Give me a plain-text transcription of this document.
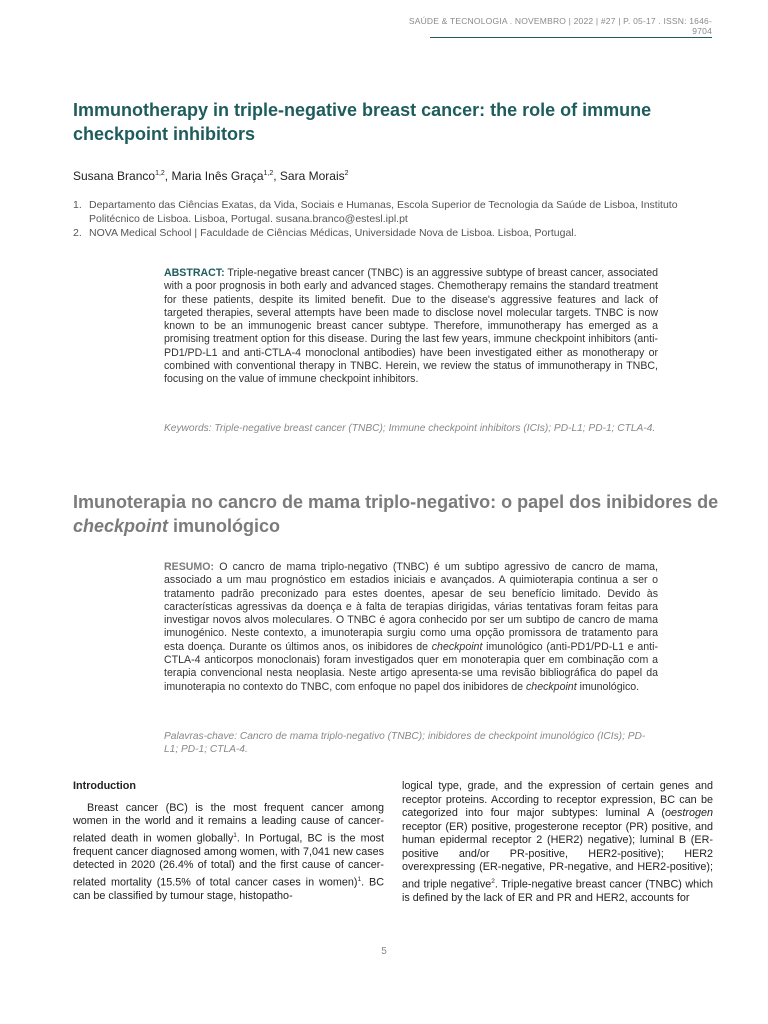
SAÚDE & TECNOLOGIA . NOVEMBRO | 2022 | #27 | P. 05-17 . ISSN: 1646-9704
Immunotherapy in triple-negative breast cancer: the role of immune checkpoint inhibitors
Susana Branco$^{1,2}$, Maria Inês Graça$^{1,2}$, Sara Morais$^2$
1. Departamento das Ciências Exatas, da Vida, Sociais e Humanas, Escola Superior de Tecnologia da Saúde de Lisboa, Instituto Politécnico de Lisboa. Lisboa, Portugal. susana.branco@estesl.ipl.pt
2. NOVA Medical School | Faculdade de Ciências Médicas, Universidade Nova de Lisboa. Lisboa, Portugal.

ABSTRACT: Triple-negative breast cancer (TNBC) is an aggressive subtype of breast cancer, associated with a poor prognosis in both early and advanced stages. Chemotherapy remains the standard treatment for these patients, despite its limited benefit. Due to the disease's aggressive features and lack of targeted therapies, several attempts have been made to disclose novel molecular targets. TNBC is now known to be an immunogenic breast cancer subtype. Therefore, immunotherapy has emerged as a promising treatment option for this disease. During the last few years, immune checkpoint inhibitors (anti-PD1/PD-L1 and anti-CTLA-4 monoclonal antibodies) have been investigated either as monotherapy or combined with conventional therapy in TNBC. Herein, we review the status of immunotherapy in TNBC, focusing on the value of immune checkpoint inhibitors.

Keywords: Triple-negative breast cancer (TNBC); Immune checkpoint inhibitors (ICIs); PD-L1; PD-1; CTLA-4.

Imunoterapia no cancro de mama triplo-negativo: o papel dos inibidores de checkpoint imunológico

RESUMO: O cancro de mama triplo-negativo (TNBC) é um subtipo agressivo de cancro de mama, associado a um mau prognóstico em estadios iniciais e avançados. A quimioterapia continua a ser o tratamento padrão preconizado para estes doentes, apesar de seu benefício limitado. Devido às características agressivas da doença e à falta de terapias dirigidas, várias tentativas foram feitas para investigar novos alvos moleculares. O TNBC é agora conhecido por ser um subtipo de cancro de mama imunogénico. Neste contexto, a imunoterapia surgiu como uma opção promissora de tratamento para esta doença. Durante os últimos anos, os inibidores de checkpoint imunológico (anti-PD1/PD-L1 e anti-CTLA-4 anticorpos monoclonais) foram investigados quer em monoterapia quer em combinação com a terapia convencional nesta neoplasia. Neste artigo apresenta-se uma revisão bibliográfica do papel da imunoterapia no contexto do TNBC, com enfoque no papel dos inibidores de checkpoint imunológico.

Palavras-chave: Cancro de mama triplo-negativo (TNBC); inibidores de checkpoint imunológico (ICIs); PD-L1; PD-1; CTLA-4.

Introduction

Breast cancer (BC) is the most frequent cancer among women in the world and it remains a leading cause of cancer-related death in women globally$^1$. In Portugal, BC is the most frequent cancer diagnosed among women, with 7,041 new cases detected in 2020 (26.4% of total) and the first cause of cancer-related mortality (15.5% of total cancer cases in women)$^1$. BC can be classified by tumour stage, histopatho-

logical type, grade, and the expression of certain genes and receptor proteins. According to receptor expression, BC can be categorized into four major subtypes: luminal A (oestrogen receptor (ER) positive, progesterone receptor (PR) positive, and human epidermal receptor 2 (HER2) negative); luminal B (ER-positive and/or PR-positive, HER2-positive); HER2 overexpressing (ER-negative, PR-negative, and HER2-positive); and triple negative$^2$. Triple-negative breast cancer (TNBC) which is defined by the lack of ER and PR and HER2, accounts for

5
